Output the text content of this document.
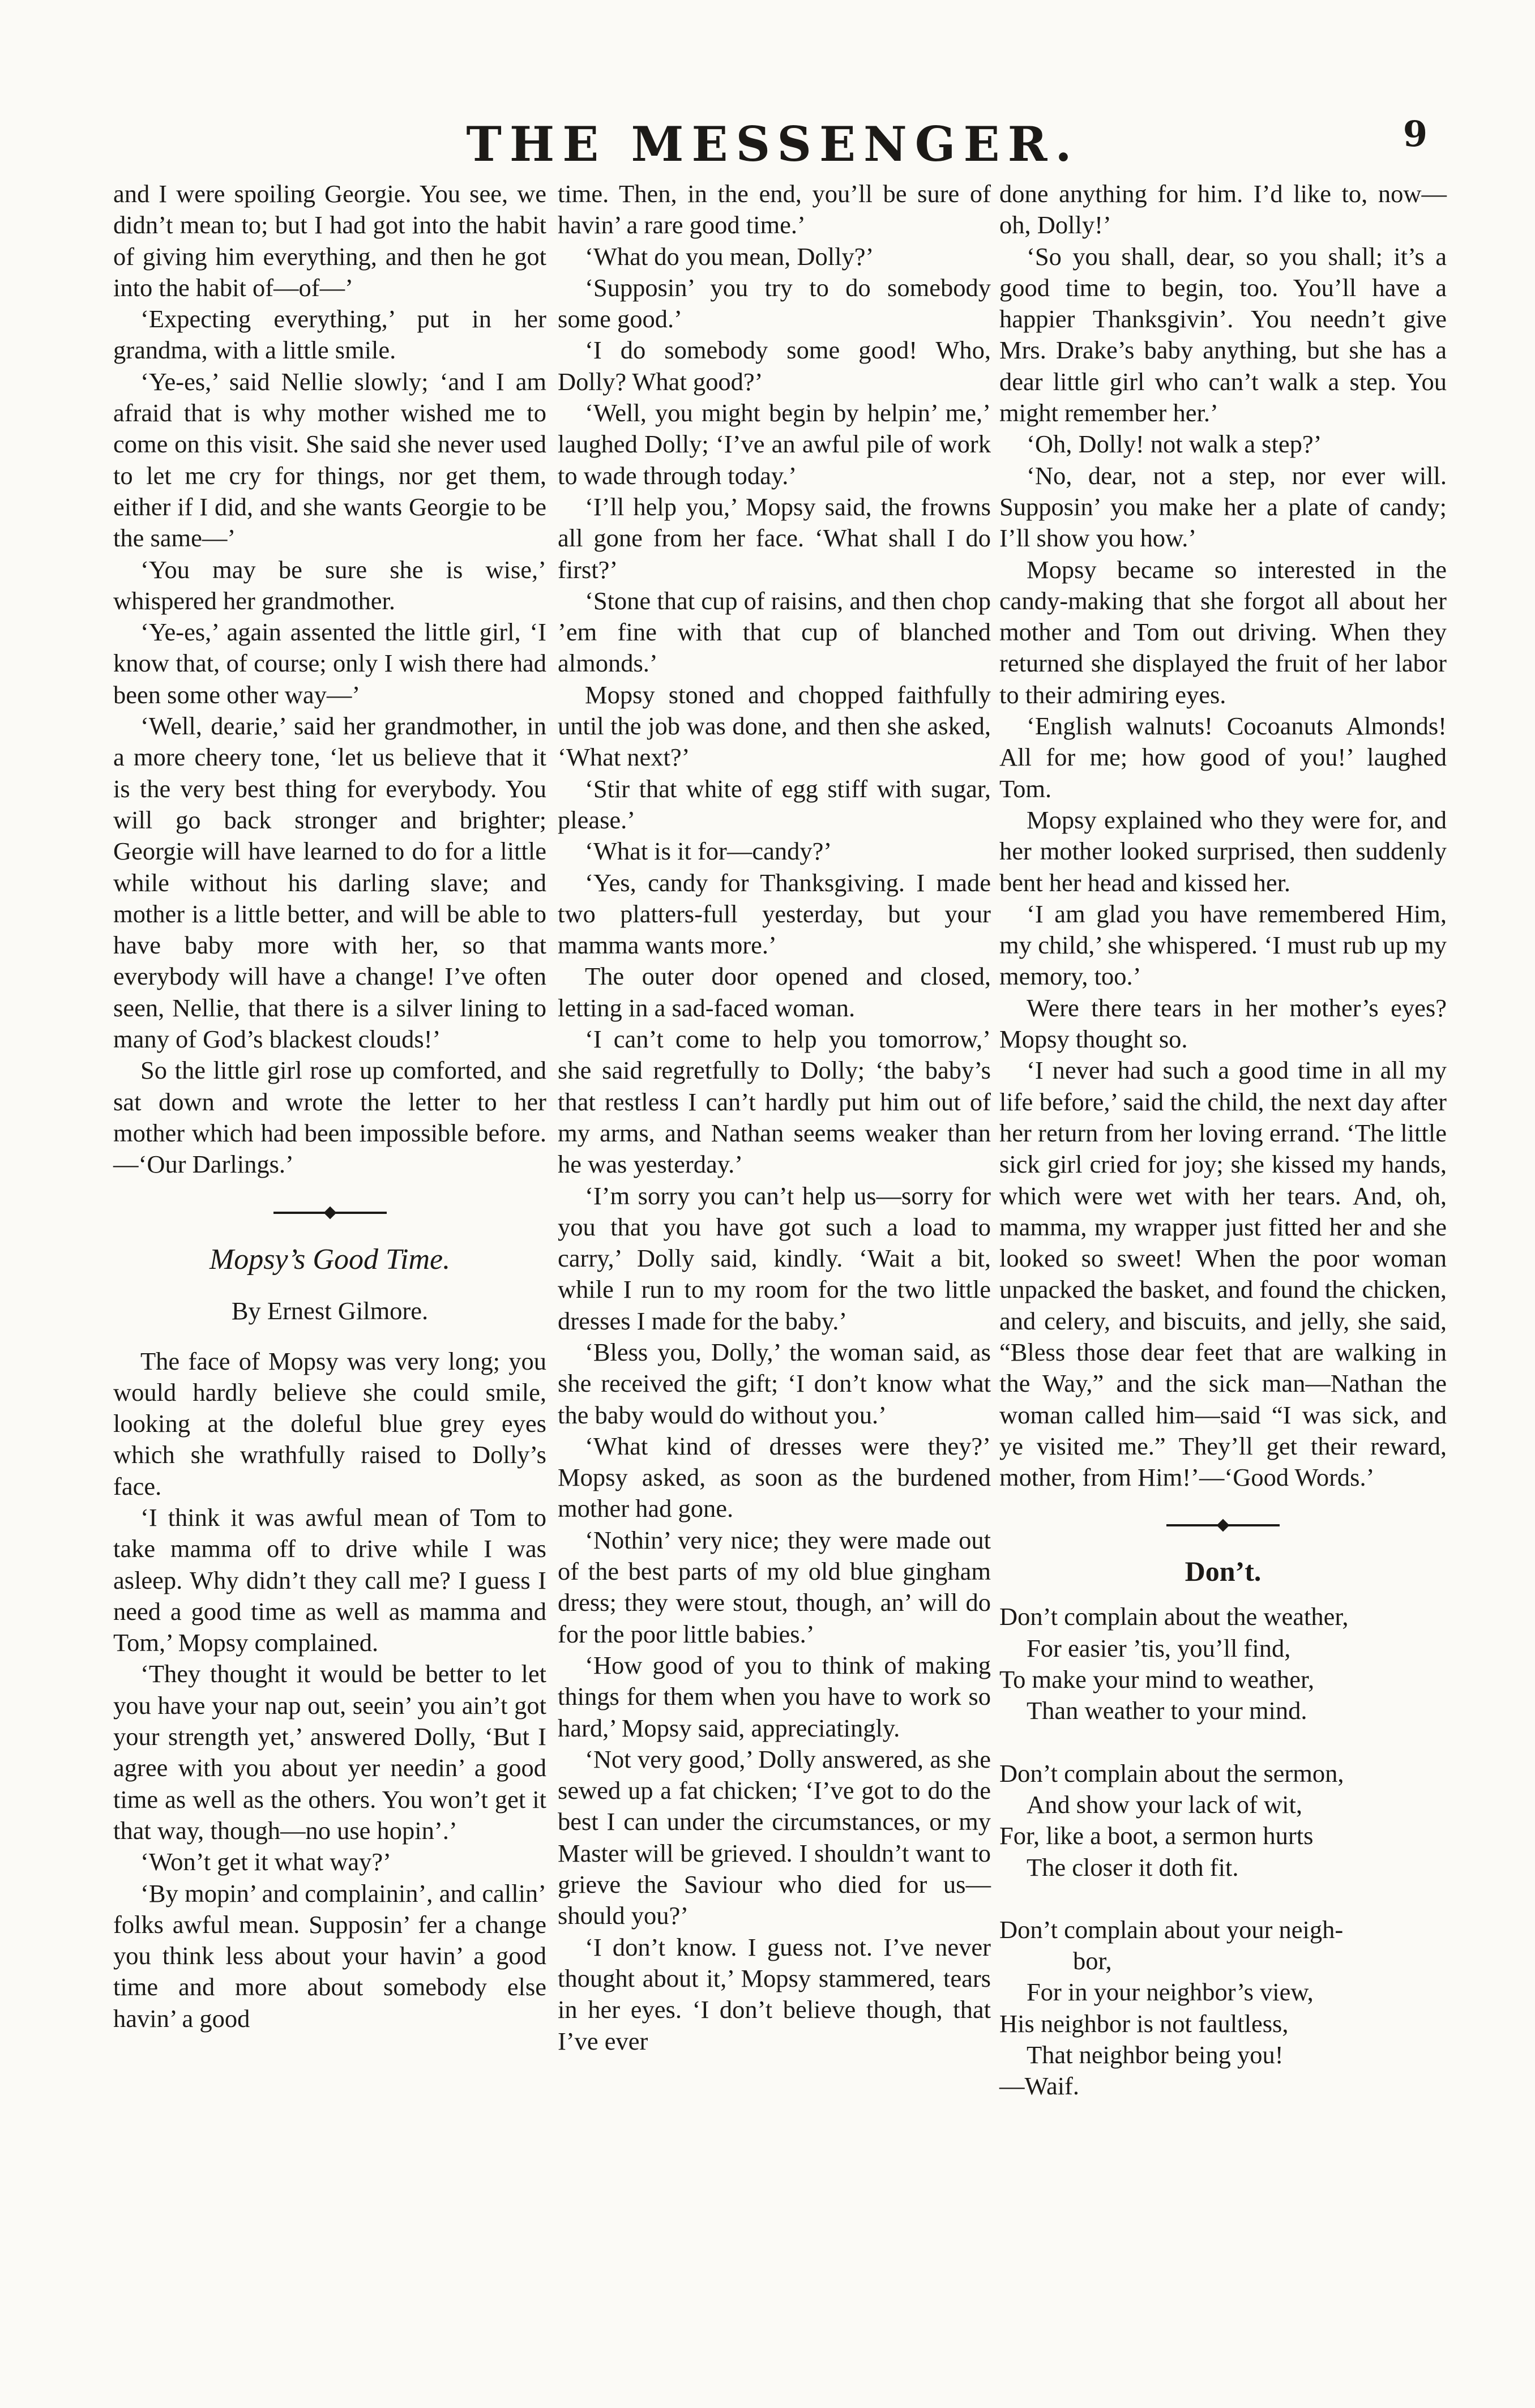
THE MESSENGER.	9

and I were spoiling Georgie. You see, we didn’t mean to; but I had got into the habit of giving him everything, and then he got into the habit of—of—’

‘Expecting everything,’ put in her grandma, with a little smile.

‘Ye-es,’ said Nellie slowly; ‘and I am afraid that is why mother wished me to come on this visit. She said she never used to let me cry for things, nor get them, either if I did, and she wants Georgie to be the same—’

‘You may be sure she is wise,’ whispered her grandmother.

‘Ye-es,’ again assented the little girl, ‘I know that, of course; only I wish there had been some other way—’

‘Well, dearie,’ said her grandmother, in a more cheery tone, ‘let us believe that it is the very best thing for everybody. You will go back stronger and brighter; Georgie will have learned to do for a little while without his darling slave; and mother is a little better, and will be able to have baby more with her, so that everybody will have a change! I’ve often seen, Nellie, that there is a silver lining to many of God’s blackest clouds!’

So the little girl rose up comforted, and sat down and wrote the letter to her mother which had been impossible before.—‘Our Darlings.’

Mopsy’s Good Time.
By Ernest Gilmore.

The face of Mopsy was very long; you would hardly believe she could smile, looking at the doleful blue grey eyes which she wrathfully raised to Dolly’s face.

‘I think it was awful mean of Tom to take mamma off to drive while I was asleep. Why didn’t they call me? I guess I need a good time as well as mamma and Tom,’ Mopsy complained.

‘They thought it would be better to let you have your nap out, seein’ you ain’t got your strength yet,’ answered Dolly, ‘But I agree with you about yer needin’ a good time as well as the others. You won’t get it that way, though—no use hopin’.’

‘Won’t get it what way?’

‘By mopin’ and complainin’, and callin’ folks awful mean. Supposin’ fer a change you think less about your havin’ a good time and more about somebody else havin’ a good

time. Then, in the end, you’ll be sure of havin’ a rare good time.’

‘What do you mean, Dolly?’

‘Supposin’ you try to do somebody some good.’

‘I do somebody some good! Who, Dolly? What good?’

‘Well, you might begin by helpin’ me,’ laughed Dolly; ‘I’ve an awful pile of work to wade through today.’

‘I’ll help you,’ Mopsy said, the frowns all gone from her face. ‘What shall I do first?’

‘Stone that cup of raisins, and then chop ’em fine with that cup of blanched almonds.’

Mopsy stoned and chopped faithfully until the job was done, and then she asked, ‘What next?’

‘Stir that white of egg stiff with sugar, please.’

‘What is it for—candy?’

‘Yes, candy for Thanksgiving. I made two platters-full yesterday, but your mamma wants more.’

The outer door opened and closed, letting in a sad-faced woman.

‘I can’t come to help you tomorrow,’ she said regretfully to Dolly; ‘the baby’s that restless I can’t hardly put him out of my arms, and Nathan seems weaker than he was yesterday.’

‘I’m sorry you can’t help us—sorry for you that you have got such a load to carry,’ Dolly said, kindly. ‘Wait a bit, while I run to my room for the two little dresses I made for the baby.’

‘Bless you, Dolly,’ the woman said, as she received the gift; ‘I don’t know what the baby would do without you.’

‘What kind of dresses were they?’ Mopsy asked, as soon as the burdened mother had gone.

‘Nothin’ very nice; they were made out of the best parts of my old blue gingham dress; they were stout, though, an’ will do for the poor little babies.’

‘How good of you to think of making things for them when you have to work so hard,’ Mopsy said, appreciatingly.

‘Not very good,’ Dolly answered, as she sewed up a fat chicken; ‘I’ve got to do the best I can under the circumstances, or my Master will be grieved. I shouldn’t want to grieve the Saviour who died for us—should you?’

‘I don’t know. I guess not. I’ve never thought about it,’ Mopsy stammered, tears in her eyes. ‘I don’t believe though, that I’ve ever

done anything for him. I’d like to, now—oh, Dolly!’

‘So you shall, dear, so you shall; it’s a good time to begin, too. You’ll have a happier Thanksgivin’. You needn’t give Mrs. Drake’s baby anything, but she has a dear little girl who can’t walk a step. You might remember her.’

‘Oh, Dolly! not walk a step?’

‘No, dear, not a step, nor ever will. Supposin’ you make her a plate of candy; I’ll show you how.’

Mopsy became so interested in the candy-making that she forgot all about her mother and Tom out driving. When they returned she displayed the fruit of her labor to their admiring eyes.

‘English walnuts! Cocoanuts Almonds! All for me; how good of you!’ laughed Tom.

Mopsy explained who they were for, and her mother looked surprised, then suddenly bent her head and kissed her.

‘I am glad you have remembered Him, my child,’ she whispered. ‘I must rub up my memory, too.’

Were there tears in her mother’s eyes? Mopsy thought so.

‘I never had such a good time in all my life before,’ said the child, the next day after her return from her loving errand. ‘The little sick girl cried for joy; she kissed my hands, which were wet with her tears. And, oh, mamma, my wrapper just fitted her and she looked so sweet! When the poor woman unpacked the basket, and found the chicken, and celery, and biscuits, and jelly, she said, “Bless those dear feet that are walking in the Way,” and the sick man—Nathan the woman called him—said “I was sick, and ye visited me.” They’ll get their reward, mother, from Him!’—‘Good Words.’

Don’t.
Don’t complain about the weather,
For easier ’tis, you’ll find,
To make your mind to weather,
Than weather to your mind.
Don’t complain about the sermon,
And show your lack of wit,
For, like a boot, a sermon hurts
The closer it doth fit.
Don’t complain about your neigh-
bor,
For in your neighbor’s view,
His neighbor is not faultless,
That neighbor being you!
—Waif.
